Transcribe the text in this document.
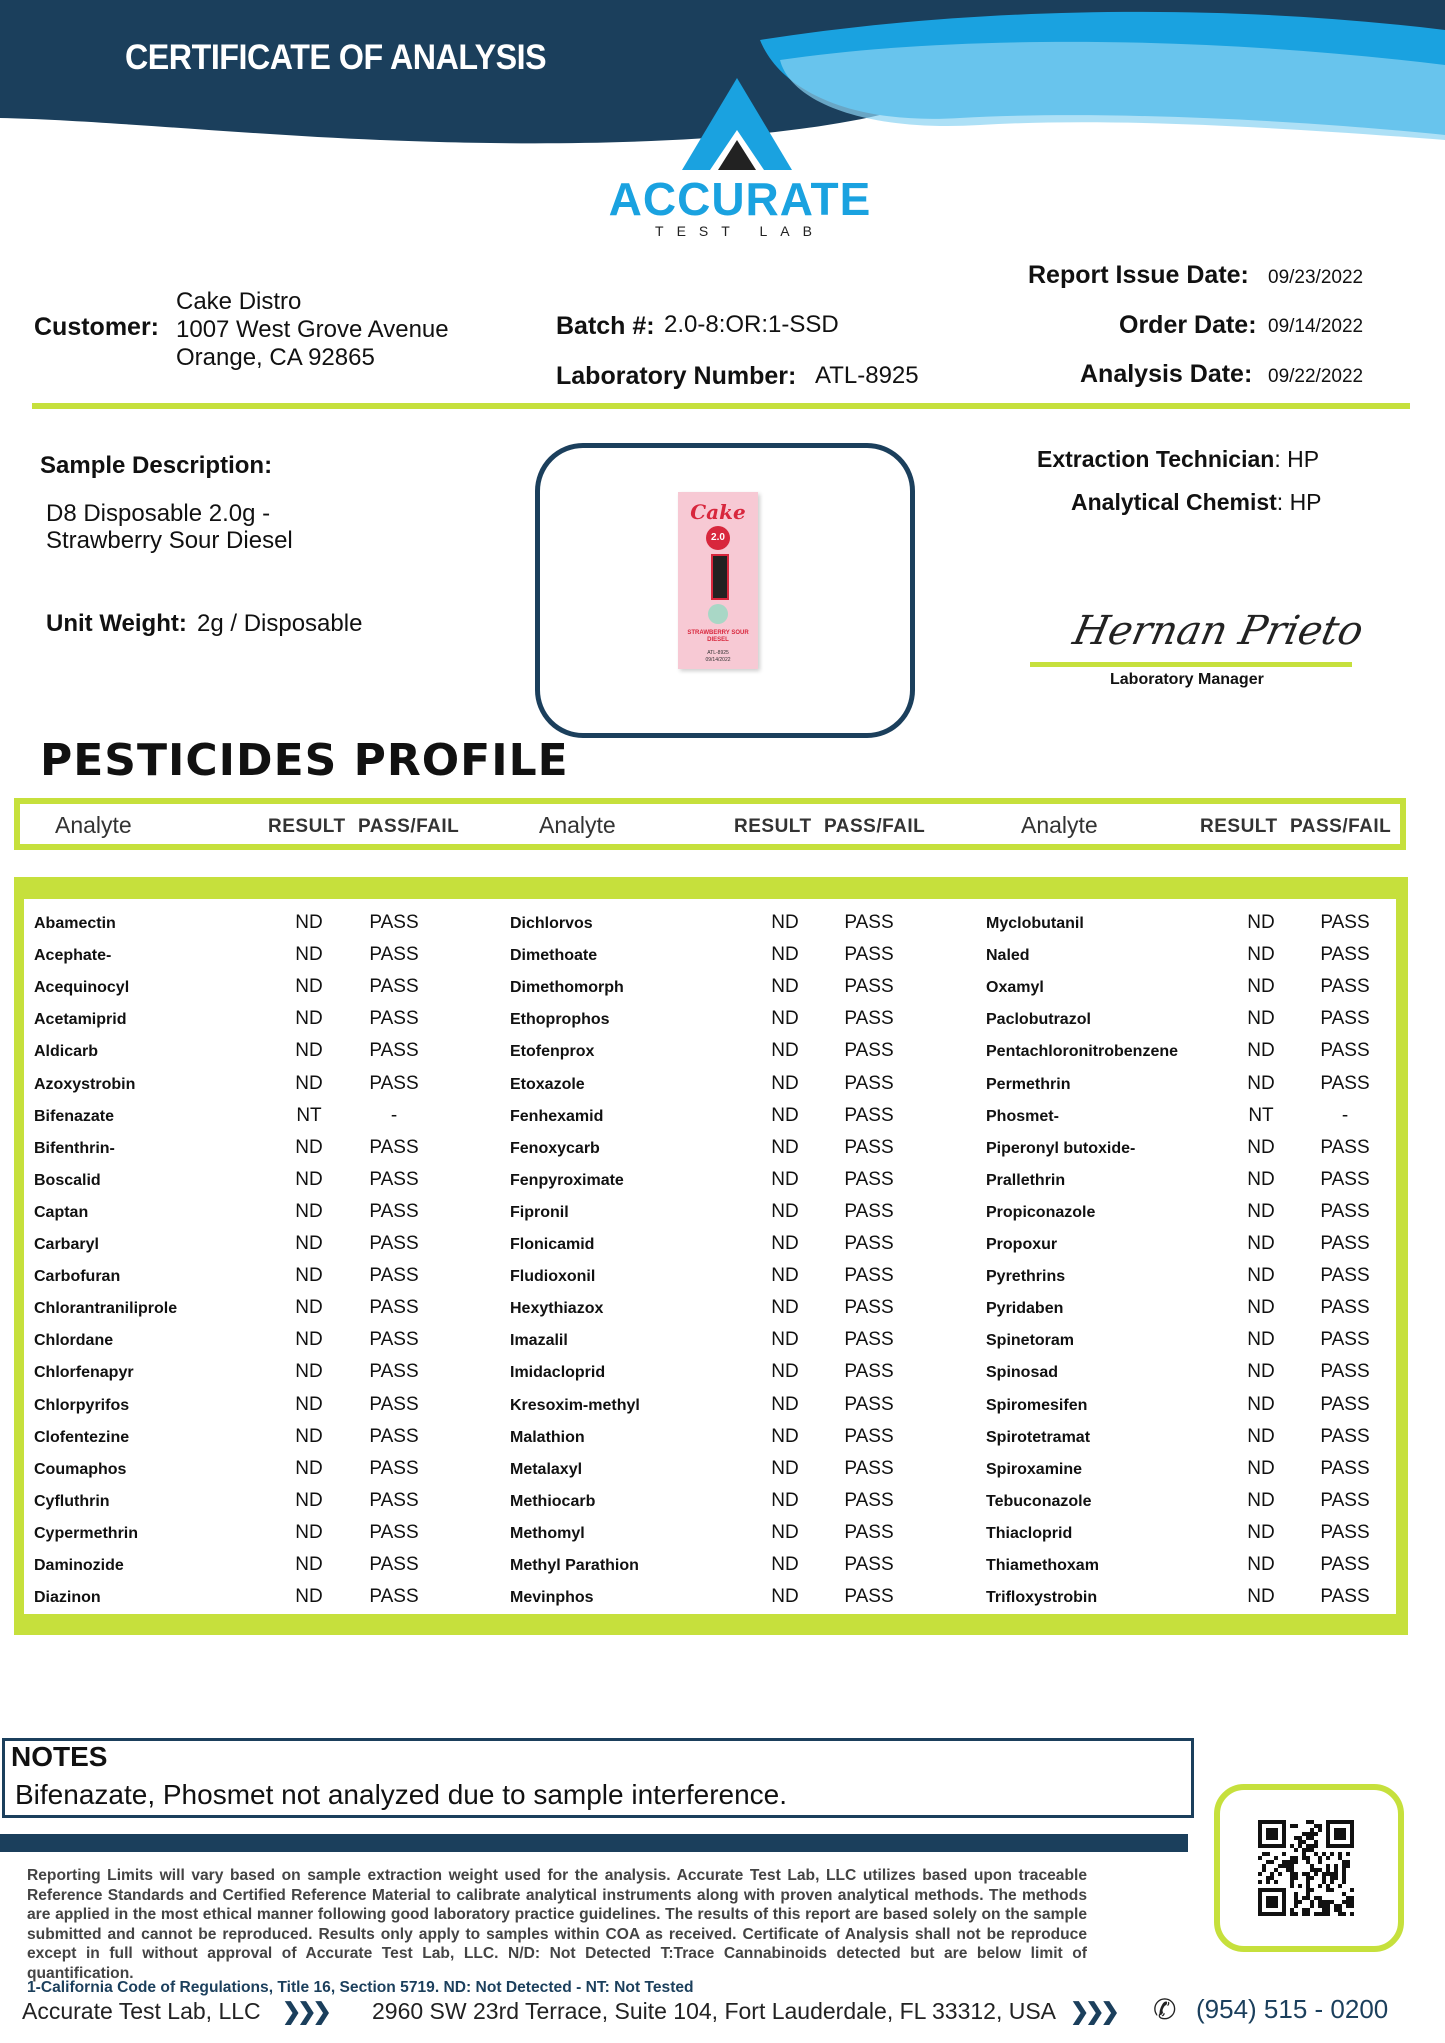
CERTIFICATE OF ANALYSIS
ACCURATE
TEST LAB
Customer:
Cake Distro
1007 West Grove Avenue
Orange, CA 92865
Batch #: 2.0-8:OR:1-SSD
Laboratory Number: ATL-8925
Report Issue Date: 09/23/2022
Order Date: 09/14/2022
Analysis Date: 09/22/2022
Sample Description:
D8 Disposable 2.0g -
Strawberry Sour Diesel
Unit Weight: 2g / Disposable
Cake
2.0
STRAWBERRY SOUR DIESEL
ATL-8925
09/14/2022
Extraction Technician: HP
Analytical Chemist: HP
Hernan Prieto
Laboratory Manager
PESTICIDES PROFILE
Analyte	RESULT PASS/FAIL	Analyte	RESULT PASS/FAIL	Analyte	RESULT PASS/FAIL
Abamectin	ND	PASS
Acephate-	ND	PASS
Acequinocyl	ND	PASS
Acetamiprid	ND	PASS
Aldicarb	ND	PASS
Azoxystrobin	ND	PASS
Bifenazate	NT	-
Bifenthrin-	ND	PASS
Boscalid	ND	PASS
Captan	ND	PASS
Carbaryl	ND	PASS
Carbofuran	ND	PASS
Chlorantraniliprole	ND	PASS
Chlordane	ND	PASS
Chlorfenapyr	ND	PASS
Chlorpyrifos	ND	PASS
Clofentezine	ND	PASS
Coumaphos	ND	PASS
Cyfluthrin	ND	PASS
Cypermethrin	ND	PASS
Daminozide	ND	PASS
Diazinon	ND	PASS
Dichlorvos	ND	PASS
Dimethoate	ND	PASS
Dimethomorph	ND	PASS
Ethoprophos	ND	PASS
Etofenprox	ND	PASS
Etoxazole	ND	PASS
Fenhexamid	ND	PASS
Fenoxycarb	ND	PASS
Fenpyroximate	ND	PASS
Fipronil	ND	PASS
Flonicamid	ND	PASS
Fludioxonil	ND	PASS
Hexythiazox	ND	PASS
Imazalil	ND	PASS
Imidacloprid	ND	PASS
Kresoxim-methyl	ND	PASS
Malathion	ND	PASS
Metalaxyl	ND	PASS
Methiocarb	ND	PASS
Methomyl	ND	PASS
Methyl Parathion	ND	PASS
Mevinphos	ND	PASS
Myclobutanil	ND	PASS
Naled	ND	PASS
Oxamyl	ND	PASS
Paclobutrazol	ND	PASS
Pentachloronitrobenzene	ND	PASS
Permethrin	ND	PASS
Phosmet-	NT	-
Piperonyl butoxide-	ND	PASS
Prallethrin	ND	PASS
Propiconazole	ND	PASS
Propoxur	ND	PASS
Pyrethrins	ND	PASS
Pyridaben	ND	PASS
Spinetoram	ND	PASS
Spinosad	ND	PASS
Spiromesifen	ND	PASS
Spirotetramat	ND	PASS
Spiroxamine	ND	PASS
Tebuconazole	ND	PASS
Thiacloprid	ND	PASS
Thiamethoxam	ND	PASS
Trifloxystrobin	ND	PASS
NOTES
Bifenazate, Phosmet not analyzed due to sample interference.
Reporting Limits will vary based on sample extraction weight used for the analysis. Accurate Test Lab, LLC utilizes based upon traceable Reference Standards and Certified Reference Material to calibrate analytical instruments along with proven analytical methods. The methods are applied in the most ethical manner following good laboratory practice guidelines. The results of this report are based solely on the sample submitted and cannot be reproduced. Results only apply to samples within COA as received. Certificate of Analysis shall not be reproduce except in full without approval of Accurate Test Lab, LLC. N/D: Not Detected T:Trace Cannabinoids detected but are below limit of quantification.
1-California Code of Regulations, Title 16, Section 5719. ND: Not Detected - NT: Not Tested
Accurate Test Lab, LLC ❯❯❯ 2960 SW 23rd Terrace, Suite 104, Fort Lauderdale, FL 33312, USA ❯❯❯ ✆ (954) 515 - 0200
